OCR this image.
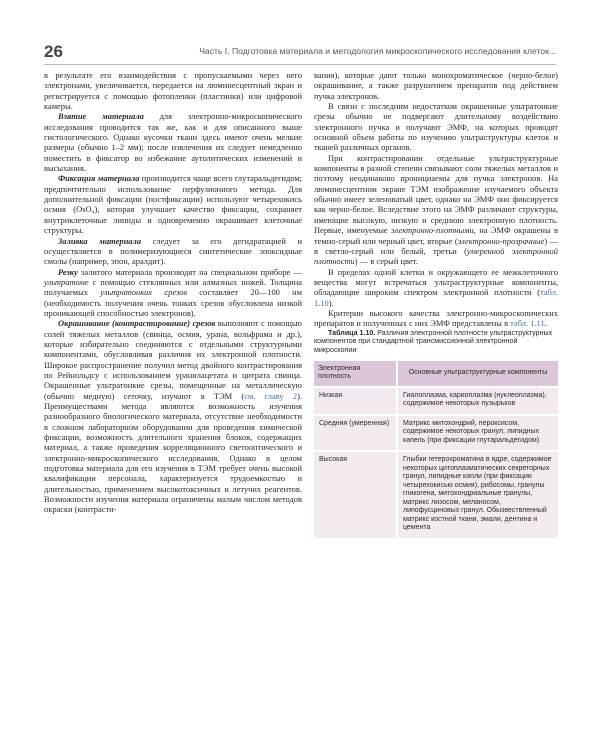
26	Часть I. Подготовка материала и методология микроскопического исследования клеток...

в результате его взаимодействия с пропускаемыми через него электронами, увеличивается, передается на люминесцентный экран и регистрируется с помощью фотопленки (пластинки) или цифровой камеры.

Взятие материала для электронно-микроскопического исследования проводится так же, как и для описанного выше гистологического. Однако кусочки ткани здесь имеют очень мелкие размеры (обычно 1–2 мм); после извлечения их следует немедленно поместить в фиксатор во избежание аутолитических изменений и высыхания.

Фиксация материала производится чаще всего глутаральдегидом; предпочтительно использование перфузионного метода. Для дополнительной фиксации (постфиксации) используют четырехокись осмия (OsO₄), которая улучшает качество фиксации, сохраняет внутриклеточные липиды и одновременно окрашивает клеточные структуры.

Заливка материала следует за его дегидратацией и осуществляется в полимеризующиеся синтетические эпоксидные смолы (например, эпон, аралдит).

Резку залитого материала производят на специальном приборе — ультратоме с помощью стеклянных или алмазных ножей. Толщина получаемых ультратонких срезов составляет 20—100 нм (необходимость получения очень тонких срезов обусловлена низкой проникающей способностью электронов).

Окрашивание (контрастирование) срезов выполняют с помощью солей тяжелых металлов (свинца, осмия, урана, вольфрама и др.), которые избирательно соединяются с отдельными структурными компонентами, обусловливая различия их электронной плотности. Широкое распространение получил метод двойного контрастирования по Рейнольдсу с использованием уранилацетата и цитрата свинца. Окрашенные ультратонкие срезы, помещенные на металлическую (обычно медную) сеточку, изучают в ТЭМ (см. главу 2). Преимуществами метода являются возможность изучения разнообразного биологического материала, отсутствие необходимости в сложном лабораторном оборудовании для проведения химической фиксации, возможность длительного хранения блоков, содержащих материал, а также проведения корреляционного светооптического и электронно-микроскопического исследования. Однако в целом подготовка материала для его изучения в ТЭМ требует очень высокой квалификации персонала, характеризуется трудоемкостью и длительностью, применением высокотоксичных и летучих реагентов. Возможности изучения материала ограничены малым числом методов окраски (контрасти-

вания), которые дают только монохроматическое (черно-белое) окрашивание, а также разрушением препаратов под действием пучка электронов.

В связи с последним недостатком окрашенные ультратонкие срезы обычно не подвергают длительному воздействию электронного пучка и получают ЭМФ, на которых проводят основной объем работы по изучению ультраструктуры клеток и тканей различных органов.

При контрастировании отдельные ультраструктурные компоненты в разной степени связывают соли тяжелых металлов и поэтому неодинаково пронициаемы для пучка электронов. На люминесцентном экране ТЭМ изображение изучаемого объекта обычно имеет зеленоватый цвет, однако на ЭМФ оно фиксируется как черно-белое. Вследствие этого на ЭМФ различают структуры, имеющие высокую, низкую и среднюю электронную плотность. Первые, именуемые электронно-плотными, на ЭМФ окрашены в темно-серый или черный цвет, вторые (электронно-прозрачные) — в светло-серый или белый, третьи (умеренной электронной плотности) — в серый цвет.

В пределах одной клетки и окружающего ее межклеточного вещества могут встречаться ультраструктурные компоненты, обладающие широким спектром электронной плотности (табл. 1.10).

Критерии высокого качества электронно-микроскопических препаратов и полученных с них ЭМФ представлены в табл. 1.11.

Таблица 1.10. Различия электронной плотности ультраструктурных компонентов при стандартной трансмиссионной электронной микроскопии

Электронная плотность	Основные ультраструктурные компоненты
Низкая	Гиалоплазма, кариоплазма (нуклеоплазма), содержимое некоторых пузырьков
Средняя (умеренная)	Матрикс митохондрий, пероксисом, содержимое некоторых гранул, липидных капель (при фиксации глутаральдегидом)
Высокая	Глыбки гетерохроматина в ядре, содержимое некоторых цитоплазматических секреторных гранул, липидные капли (при фиксации четырехокисью осмия), рибосомы, гранулы гликогена, митохондриальные гранулы, матрикс лизосом, меланосом, липофусциновых гранул. Обызвествленный матрикс костной ткани, эмали, дентина и цемента
